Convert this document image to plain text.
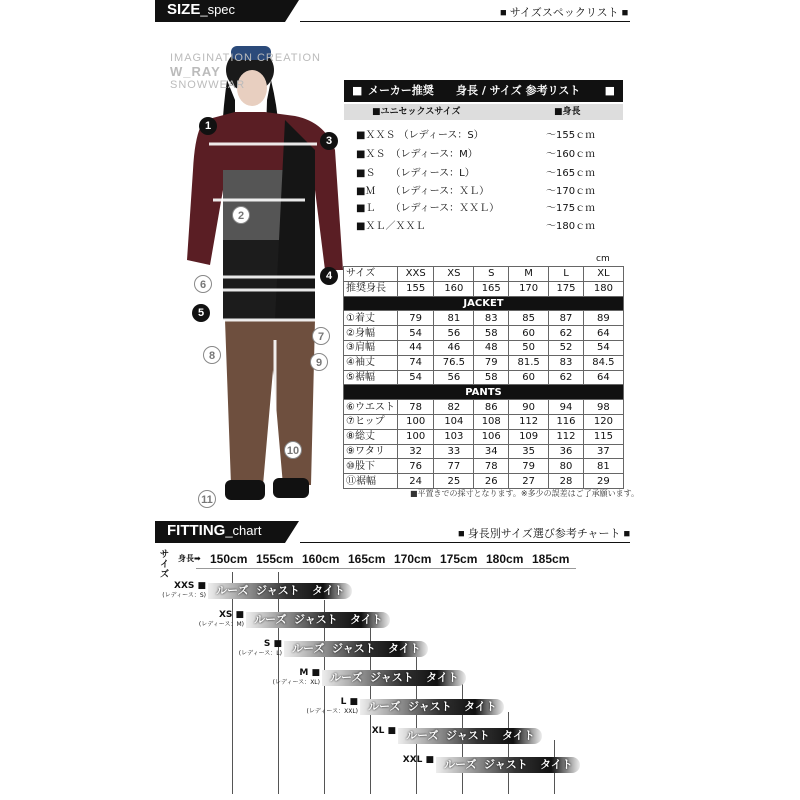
SIZE_spec	■ サイズスペックリスト ■
IMAGINATION CREATION
W_RAY
SNOWWEAR
1
2
3
4
5
6
7
8
9
10
11
■ メーカー推奨 身長 / サイズ 参考リスト ■
■ユニセックスサイズ	■身長
■ＸＸＳ （レディース：S）	～155ｃｍ
■ＸＳ　（レディース：M）	～160ｃｍ
■Ｓ　　（レディース：L）	～165ｃｍ
■Ｍ　　（レディース：ＸＬ）	～170ｃｍ
■Ｌ　　（レディース：ＸＸＬ）	～175ｃｍ
■ＸＬ／ＸＸＬ	～180ｃｍ
cm
サイズ	XXS	XS	S	M	L	XL
推奨身長	155	160	165	170	175	180
JACKET						
①着丈	79	81	83	85	87	89
②身幅	54	56	58	60	62	64
③肩幅	44	46	48	50	52	54
④袖丈	74	76.5	79	81.5	83	84.5
⑤裾幅	54	56	58	60	62	64
PANTS						
⑥ウエスト	78	82	86	90	94	98
⑦ヒップ	100	104	108	112	116	120
⑧総丈	100	103	106	109	112	115
⑨ワタリ	32	33	34	35	36	37
⑩股下	76	77	78	79	80	81
⑪裾幅	24	25	26	27	28	29
■平置きでの採寸となります。※多少の誤差はご了承願います。
FITTING_chart	■ 身長別サイズ選び参考チャート ■
サイズ
身長➡ 150cm 155cm 160cm 165cm 170cm 175cm 180cm 185cm
XXS ■
(レディース：S) ルーズ ジャスト タイト
XS ■
(レディース：M) ルーズ ジャスト タイト
S ■
(レディース：L) ルーズ ジャスト タイト
M ■
(レディース：XL) ルーズ ジャスト タイト
L ■
(レディース：XXL) ルーズ ジャスト タイト
XL ■ ルーズ ジャスト タイト
XXL ■ ルーズ ジャスト タイト
